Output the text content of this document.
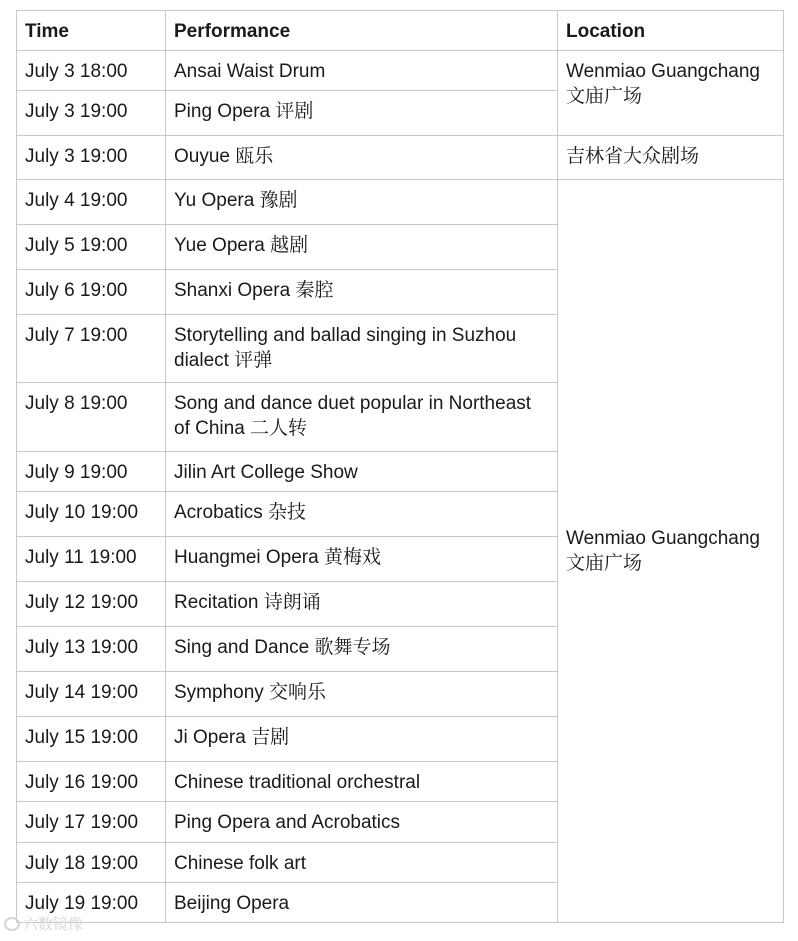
Time	Performance	Location
July 3 18:00	Ansai Waist Drum	Wenmiao Guangchang 文庙广场
July 3 19:00	Ping Opera 评剧	
July 3 19:00	Ouyue 瓯乐	吉林省大众剧场
July 4 19:00	Yu Opera 豫剧	Wenmiao Guangchang 文庙广场
July 5 19:00	Yue Opera 越剧	
July 6 19:00	Shanxi Opera 秦腔	
July 7 19:00	Storytelling and ballad singing in Suzhou dialect 评弹	
July 8 19:00	Song and dance duet popular in Northeast of China 二人转	
July 9 19:00	Jilin Art College Show	
July 10 19:00	Acrobatics 杂技	
July 11 19:00	Huangmei Opera 黄梅戏	
July 12 19:00	Recitation 诗朗诵	
July 13 19:00	Sing and Dance 歌舞专场	
July 14 19:00	Symphony 交响乐	
July 15 19:00	Ji Opera 吉剧	
July 16 19:00	Chinese traditional orchestral	
July 17 19:00	Ping Opera and Acrobatics	
July 18 19:00	Chinese folk art	
July 19 19:00	Beijing Opera	
六数镜像
